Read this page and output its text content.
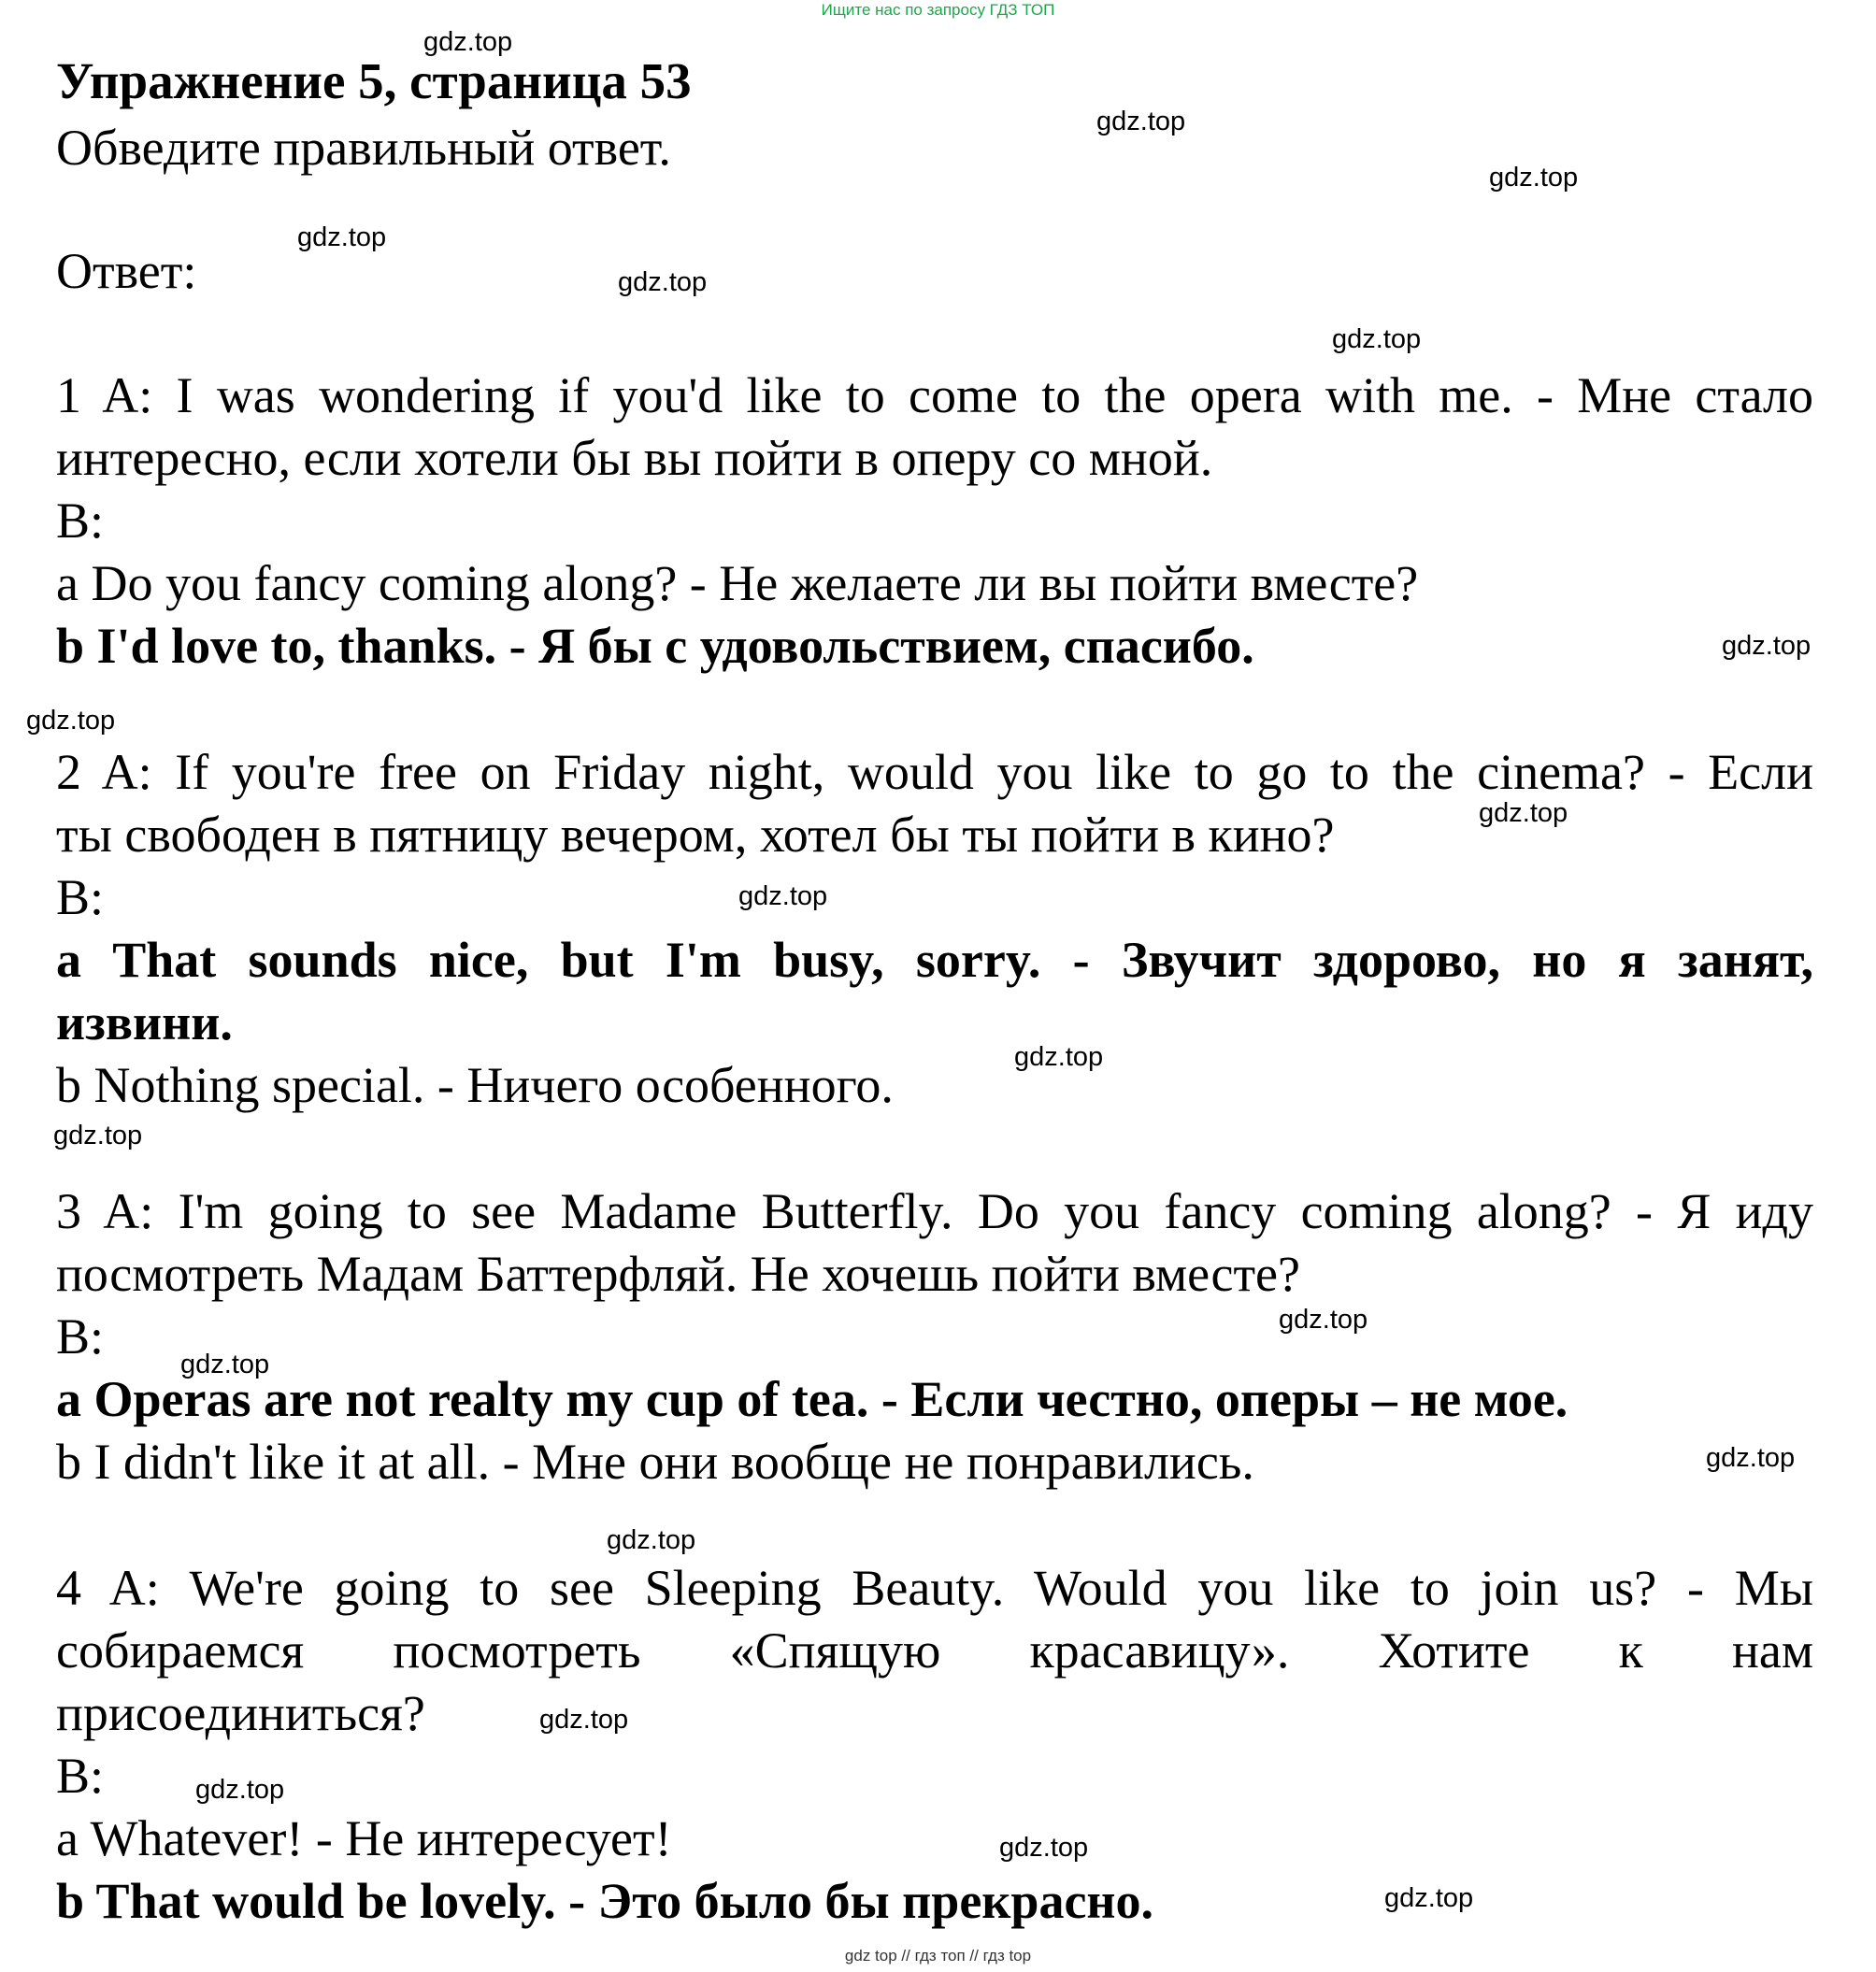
Ищите нас по запросу ГДЗ ТОП
Упражнение 5, страница 53
Обведите правильный ответ.
Ответ:
1 A: I was wondering if you'd like to come to the opera with me. - Мне стало
интересно, если хотели бы вы пойти в оперу со мной.
B:
a Do you fancy coming along? - Не желаете ли вы пойти вместе?
b I'd love to, thanks. - Я бы с удовольствием, спасибо.
2 A: If you're free on Friday night, would you like to go to the cinema? - Если
ты свободен в пятницу вечером, хотел бы ты пойти в кино?
B:
a That sounds nice, but I'm busy, sorry. - Звучит здорово, но я занят,
извини.
b Nothing special. - Ничего особенного.
3 A: I'm going to see Madame Butterfly. Do you fancy coming along? - Я иду
посмотреть Мадам Баттерфляй. Не хочешь пойти вместе?
B:
a Operas are not realty my cup of tea. - Если честно, оперы – не мое.
b I didn't like it at all. - Мне они вообще не понравились.
4 A: We're going to see Sleeping Beauty. Would you like to join us? - Мы
собираемся посмотреть «Спящую красавицу». Хотите к нам
присоединиться?
B:
a Whatever! - Не интересует!
b That would be lovely. - Это было бы прекрасно.
gdz.top
gdz.top
gdz.top
gdz.top
gdz.top
gdz.top
gdz.top
gdz.top
gdz.top
gdz.top
gdz.top
gdz.top
gdz.top
gdz.top
gdz.top
gdz.top
gdz.top
gdz.top
gdz.top
gdz.top
gdz top // гдз топ // гдз top
